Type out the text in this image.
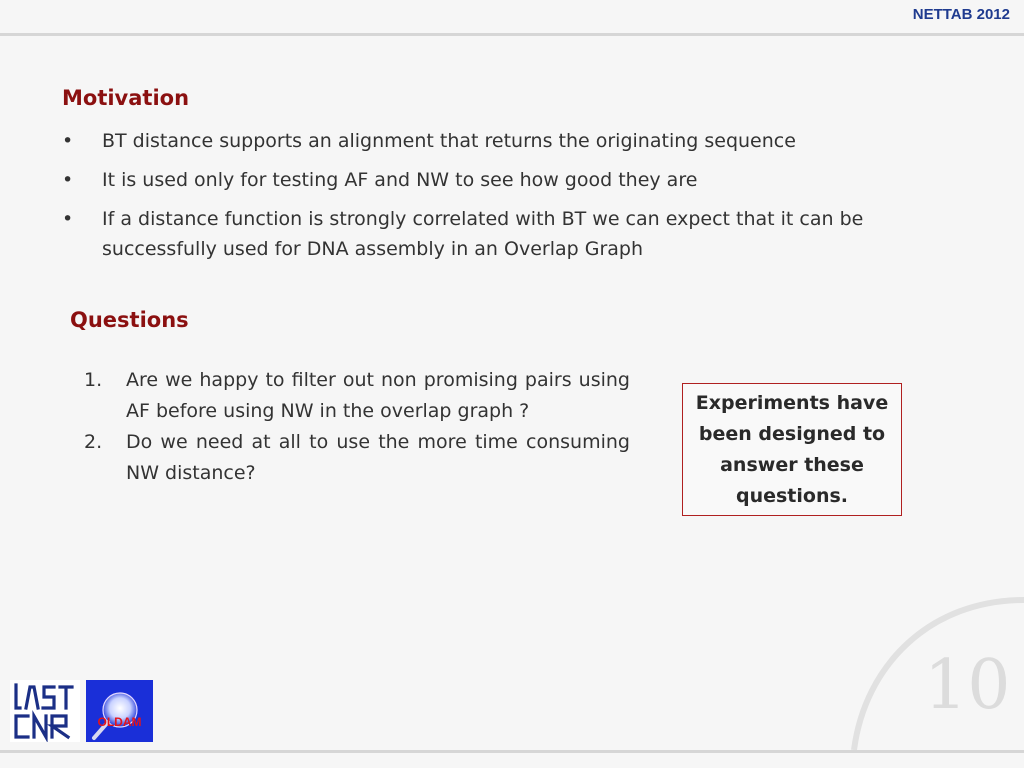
NETTAB 2012
Motivation
• BT distance supports an alignment that returns the originating sequence
• It is used only for testing AF and NW to see how good they are
• If a distance function is strongly correlated with BT we can expect that it can be successfully used for DNA assembly in an Overlap Graph
Questions
1. Are we happy to filter out non promising pairs using AF before using NW in the overlap graph ?
2. Do we need at all to use the more time consuming NW distance?
Experiments have been designed to answer these questions.
10
OLDAM
